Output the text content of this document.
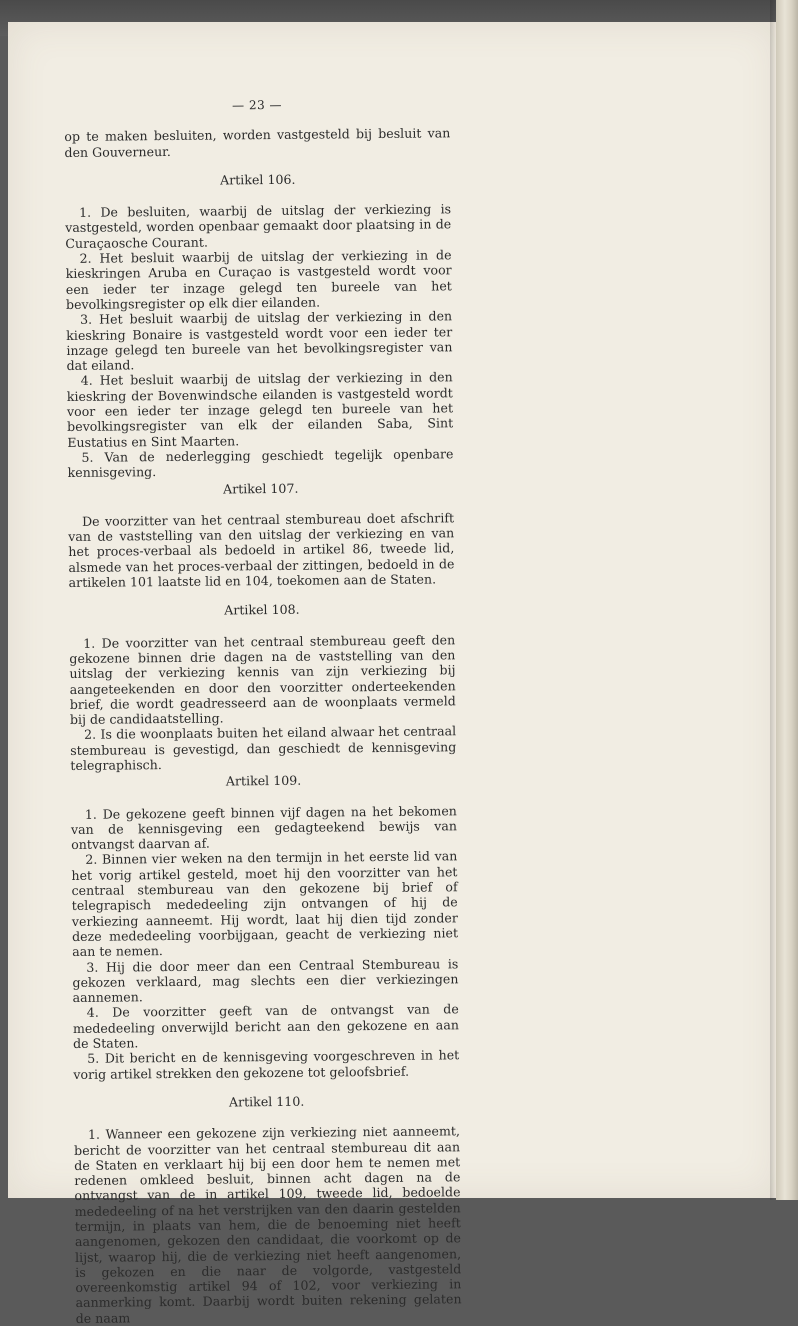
— 23 —

op te maken besluiten, worden vastgesteld bij besluit van den Gouverneur.

Artikel 106.

1. De besluiten, waarbij de uitslag der verkiezing is vastgesteld, worden openbaar gemaakt door plaatsing in de Curaçaosche Courant.

2. Het besluit waarbij de uitslag der verkiezing in de kieskringen Aruba en Curaçao is vastgesteld wordt voor een ieder ter inzage gelegd ten bureele van het bevolkingsregister op elk dier eilanden.

3. Het besluit waarbij de uitslag der verkiezing in den kieskring Bonaire is vastgesteld wordt voor een ieder ter inzage gelegd ten bureele van het bevolkingsregister van dat eiland.

4. Het besluit waarbij de uitslag der verkiezing in den kieskring der Bovenwindsche eilanden is vastgesteld wordt voor een ieder ter inzage gelegd ten bureele van het bevolkingsregister van elk der eilanden Saba, Sint Eustatius en Sint Maarten.

5. Van de nederlegging geschiedt tegelijk openbare kennisgeving.

Artikel 107.

De voorzitter van het centraal stembureau doet afschrift van de vaststelling van den uitslag der verkiezing en van het proces-verbaal als bedoeld in artikel 86, tweede lid, alsmede van het proces-verbaal der zittingen, bedoeld in de artikelen 101 laatste lid en 104, toekomen aan de Staten.

Artikel 108.

1. De voorzitter van het centraal stembureau geeft den gekozene binnen drie dagen na de vaststelling van den uitslag der verkiezing kennis van zijn verkiezing bij aangeteekenden en door den voorzitter onderteekenden brief, die wordt geadresseerd aan de woonplaats vermeld bij de candidaatstelling.

2. Is die woonplaats buiten het eiland alwaar het centraal stembureau is gevestigd, dan geschiedt de kennisgeving telegraphisch.

Artikel 109.

1. De gekozene geeft binnen vijf dagen na het bekomen van de kennisgeving een gedagteekend bewijs van ontvangst daarvan af.

2. Binnen vier weken na den termijn in het eerste lid van het vorig artikel gesteld, moet hij den voorzitter van het centraal stembureau van den gekozene bij brief of telegrapisch mededeeling zijn ontvangen of hij de verkiezing aanneemt. Hij wordt, laat hij dien tijd zonder deze mededeeling voorbijgaan, geacht de verkiezing niet aan te nemen.

3. Hij die door meer dan een Centraal Stembureau is gekozen verklaard, mag slechts een dier verkiezingen aannemen.

4. De voorzitter geeft van de ontvangst van de mededeeling onverwijld bericht aan den gekozene en aan de Staten.

5. Dit bericht en de kennisgeving voorgeschreven in het vorig artikel strekken den gekozene tot geloofsbrief.

Artikel 110.

1. Wanneer een gekozene zijn verkiezing niet aanneemt, bericht de voorzitter van het centraal stembureau dit aan de Staten en verklaart hij bij een door hem te nemen met redenen omkleed besluit, binnen acht dagen na de ontvangst van de in artikel 109, tweede lid, bedoelde mededeeling of na het verstrijken van den daarin gestelden termijn, in plaats van hem, die de benoeming niet heeft aangenomen, gekozen den candidaat, die voorkomt op de lijst, waarop hij, die de verkiezing niet heeft aangenomen, is gekozen en die naar de volgorde, vastgesteld overeenkomstig artikel 94 of 102, voor verkiezing in aanmerking komt. Daarbij wordt buiten rekening gelaten de naam
